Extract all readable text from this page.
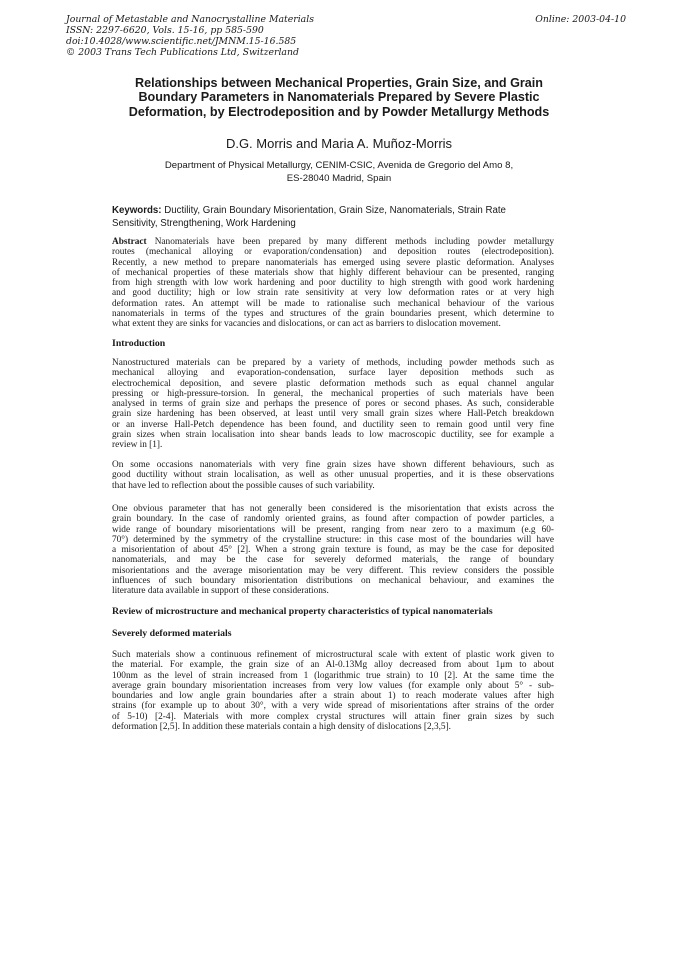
Journal of Metastable and Nanocrystalline Materials	Online: 2003-04-10
ISSN: 2297-6620, Vols. 15-16, pp 585-590
doi:10.4028/www.scientific.net/JMNM.15-16.585
© 2003 Trans Tech Publications Ltd, Switzerland
Relationships between Mechanical Properties, Grain Size, and Grain
Boundary Parameters in Nanomaterials Prepared by Severe Plastic
Deformation, by Electrodeposition and by Powder Metallurgy Methods
D.G. Morris and Maria A. Muñoz-Morris
Department of Physical Metallurgy, CENIM-CSIC, Avenida de Gregorio del Amo 8,
ES-28040 Madrid, Spain
Keywords: Ductility, Grain Boundary Misorientation, Grain Size, Nanomaterials, Strain Rate
Sensitivity, Strengthening, Work Hardening
Abstract Nanomaterials have been prepared by many different methods including powder metallurgy
routes (mechanical alloying or evaporation/condensation) and deposition routes (electrodeposition).
Recently, a new method to prepare nanomaterials has emerged using severe plastic deformation. Analyses
of mechanical properties of these materials show that highly different behaviour can be presented, ranging
from high strength with low work hardening and poor ductility to high strength with good work hardening
and good ductility; high or low strain rate sensitivity at very low deformation rates or at very high
deformation rates. An attempt will be made to rationalise such mechanical behaviour of the various
nanomaterials in terms of the types and structures of the grain boundaries present, which determine to
what extent they are sinks for vacancies and dislocations, or can act as barriers to dislocation movement.
Introduction
Nanostructured materials can be prepared by a variety of methods, including powder methods such as
mechanical alloying and evaporation-condensation, surface layer deposition methods such as
electrochemical deposition, and severe plastic deformation methods such as equal channel angular
pressing or high-pressure-torsion. In general, the mechanical properties of such materials have been
analysed in terms of grain size and perhaps the presence of pores or second phases. As such, considerable
grain size hardening has been observed, at least until very small grain sizes where Hall-Petch breakdown
or an inverse Hall-Petch dependence has been found, and ductility seen to remain good until very fine
grain sizes when strain localisation into shear bands leads to low macroscopic ductility, see for example a
review in [1].
On some occasions nanomaterials with very fine grain sizes have shown different behaviours, such as
good ductility without strain localisation, as well as other unusual properties, and it is these observations
that have led to reflection about the possible causes of such variability.
One obvious parameter that has not generally been considered is the misorientation that exists across the
grain boundary. In the case of randomly oriented grains, as found after compaction of powder particles, a
wide range of boundary misorientations will be present, ranging from near zero to a maximum (e.g 60-
70°) determined by the symmetry of the crystalline structure: in this case most of the boundaries will have
a misorientation of about 45° [2]. When a strong grain texture is found, as may be the case for deposited
nanomaterials, and may be the case for severely deformed materials, the range of boundary
misorientations and the average misorientation may be very different. This review considers the possible
influences of such boundary misorientation distributions on mechanical behaviour, and examines the
literature data available in support of these considerations.
Review of microstructure and mechanical property characteristics of typical nanomaterials
Severely deformed materials
Such materials show a continuous refinement of microstructural scale with extent of plastic work given to
the material. For example, the grain size of an Al-0.13Mg alloy decreased from about 1μm to about
100nm as the level of strain increased from 1 (logarithmic true strain) to 10 [2]. At the same time the
average grain boundary misorientation increases from very low values (for example only about 5° - sub-
boundaries and low angle grain boundaries after a strain about 1) to reach moderate values after high
strains (for example up to about 30°, with a very wide spread of misorientations after strains of the order
of 5-10) [2-4]. Materials with more complex crystal structures will attain finer grain sizes by such
deformation [2,5]. In addition these materials contain a high density of dislocations [2,3,5].
